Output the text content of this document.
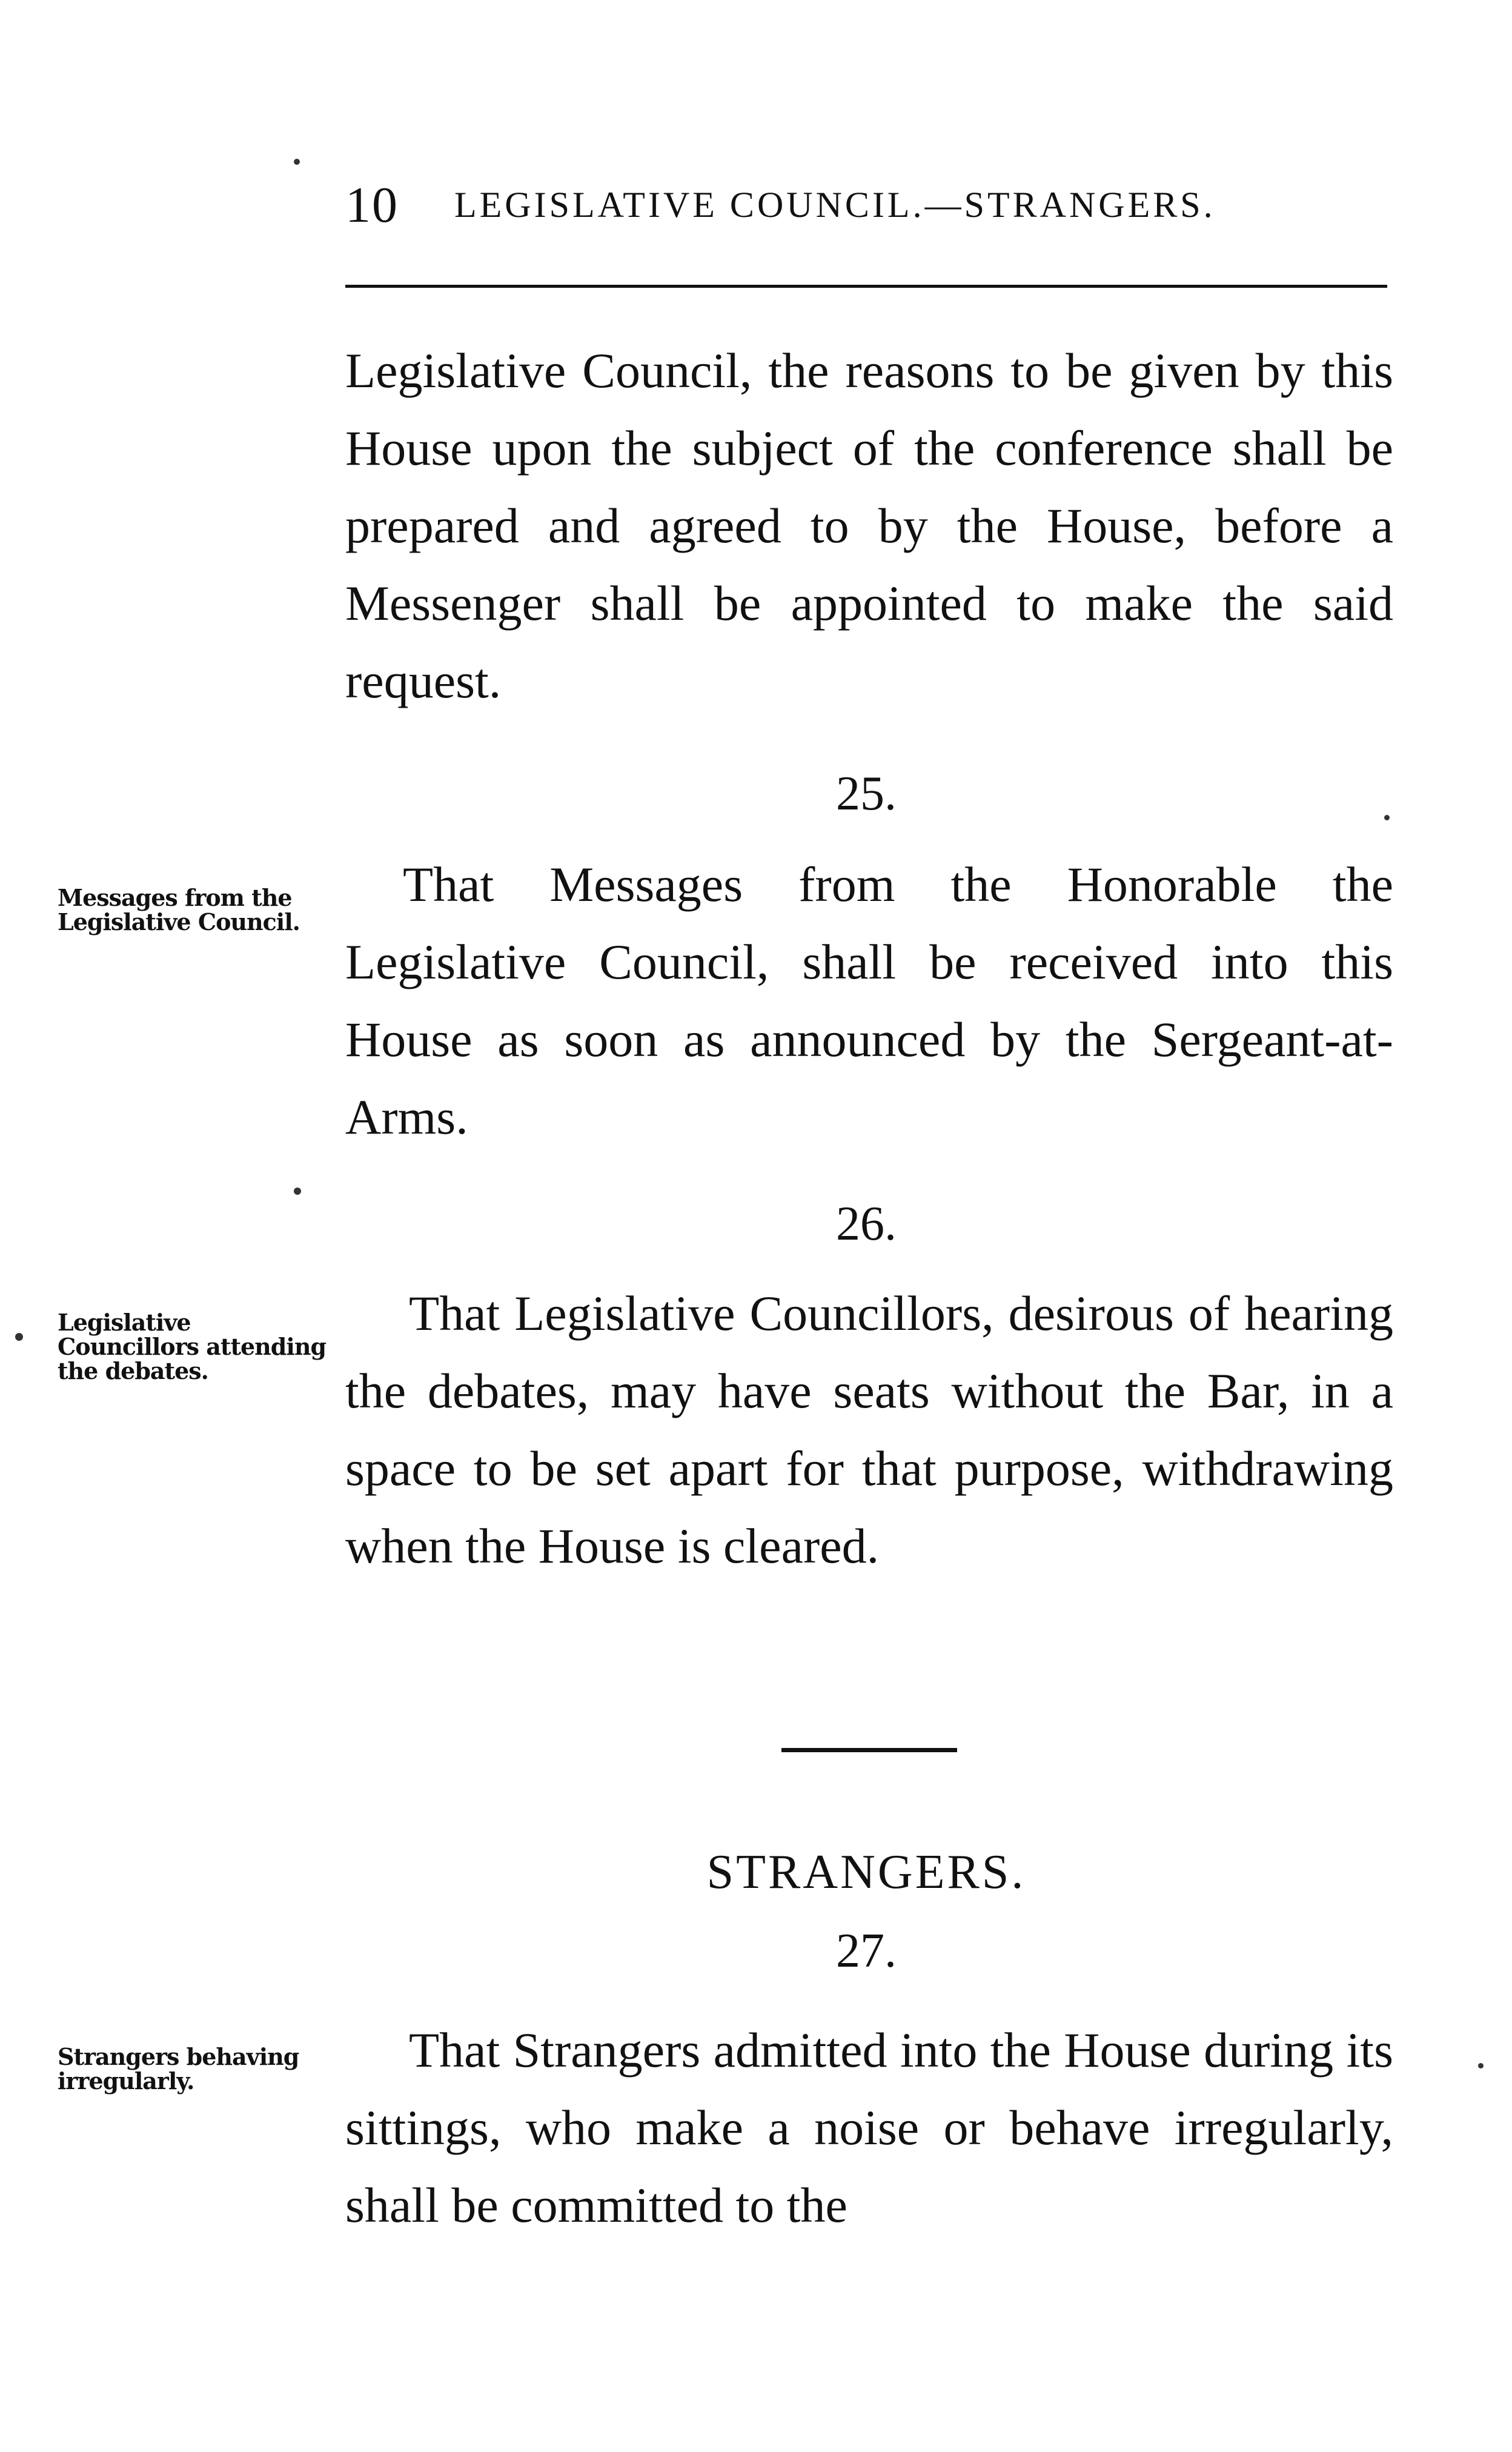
10 LEGISLATIVE COUNCIL.—STRANGERS.

Legislative Council, the reasons to be given by this House upon the subject of the conference shall be prepared and agreed to by the House, before a Messenger shall be appointed to make the said request.

25.
Messages from the Legislative Council.

That Messages from the Honorable the Legislative Council, shall be received into this House as soon as announced by the Sergeant-at-Arms.

26.
Legislative Councillors attending the debates.

That Legislative Councillors, desirous of hearing the debates, may have seats without the Bar, in a space to be set apart for that purpose, withdrawing when the House is cleared.

STRANGERS.
27.
Strangers behaving irregularly.

That Strangers admitted into the House during its sittings, who make a noise or behave irregularly, shall be committed to the
